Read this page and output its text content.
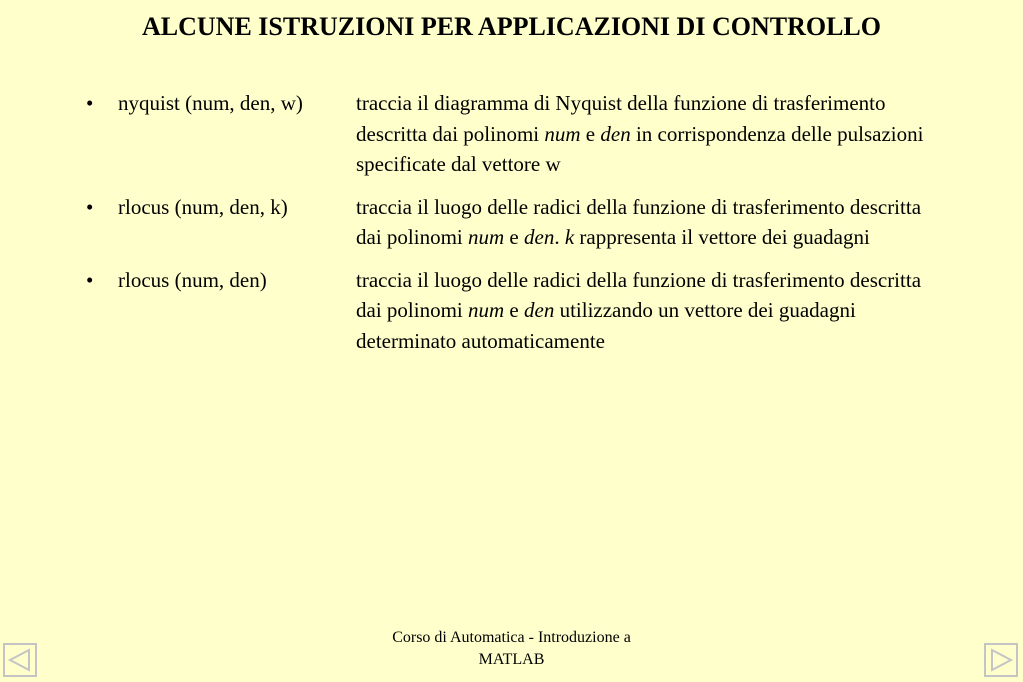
ALCUNE ISTRUZIONI PER APPLICAZIONI DI CONTROLLO
•	nyquist (num, den, w)	traccia il diagramma di Nyquist della funzione di trasferimento descritta dai polinomi num e den in corrispondenza delle pulsazioni specificate dal vettore w
•	rlocus (num, den, k)	traccia il luogo delle radici della funzione di trasferimento descritta dai polinomi num e den. k rappresenta il vettore dei guadagni
•	rlocus (num, den)	traccia il luogo delle radici della funzione di trasferimento descritta dai polinomi num e den utilizzando un vettore dei guadagni determinato automaticamente
Corso di Automatica - Introduzione a
MATLAB
